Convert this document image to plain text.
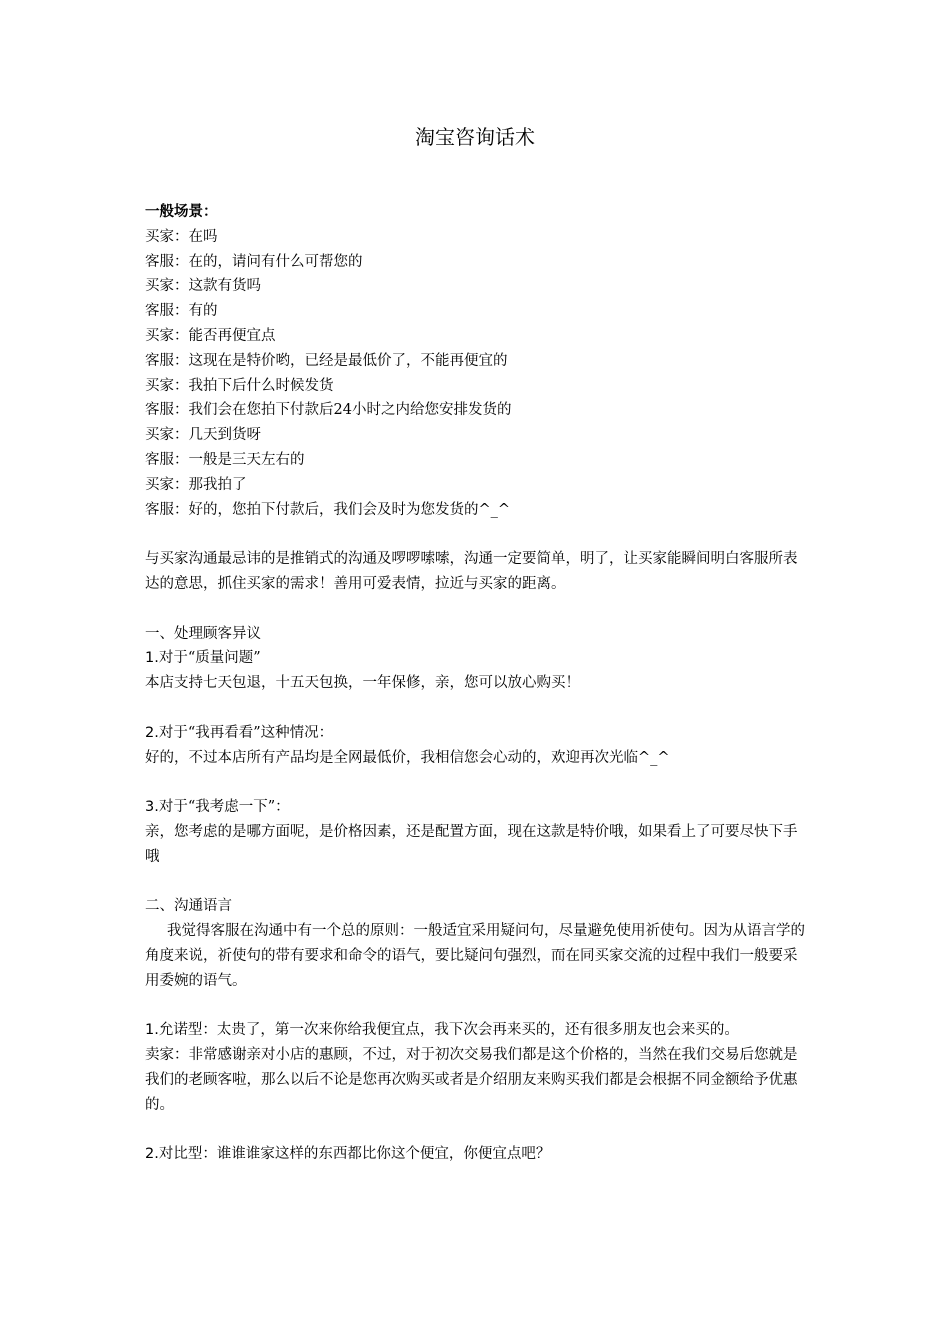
淘宝咨询话术
一般场景：
买家：在吗
客服：在的，请问有什么可帮您的
买家：这款有货吗
客服：有的
买家：能否再便宜点
客服：这现在是特价哟，已经是最低价了，不能再便宜的
买家：我拍下后什么时候发货
客服：我们会在您拍下付款后24小时之内给您安排发货的
买家：几天到货呀
客服：一般是三天左右的
买家：那我拍了
客服：好的，您拍下付款后，我们会及时为您发货的^_^
与买家沟通最忌讳的是推销式的沟通及啰啰嗦嗦，沟通一定要简单，明了，让买家能瞬间明白客服所表达的意思，抓住买家的需求！善用可爱表情，拉近与买家的距离。
一、处理顾客异议
1.对于“质量问题”
本店支持七天包退，十五天包换，一年保修，亲，您可以放心购买！
2.对于“我再看看”这种情况：
好的，不过本店所有产品均是全网最低价，我相信您会心动的，欢迎再次光临^_^
3.对于“我考虑一下”：
亲，您考虑的是哪方面呢，是价格因素，还是配置方面，现在这款是特价哦，如果看上了可要尽快下手哦
二、沟通语言
我觉得客服在沟通中有一个总的原则：一般适宜采用疑问句，尽量避免使用祈使句。因为从语言学的角度来说，祈使句的带有要求和命令的语气，要比疑问句强烈，而在同买家交流的过程中我们一般要采用委婉的语气。
1.允诺型：太贵了，第一次来你给我便宜点，我下次会再来买的，还有很多朋友也会来买的。
卖家：非常感谢亲对小店的惠顾，不过，对于初次交易我们都是这个价格的，当然在我们交易后您就是我们的老顾客啦，那么以后不论是您再次购买或者是介绍朋友来购买我们都是会根据不同金额给予优惠的。
2.对比型：谁谁谁家这样的东西都比你这个便宜，你便宜点吧？
